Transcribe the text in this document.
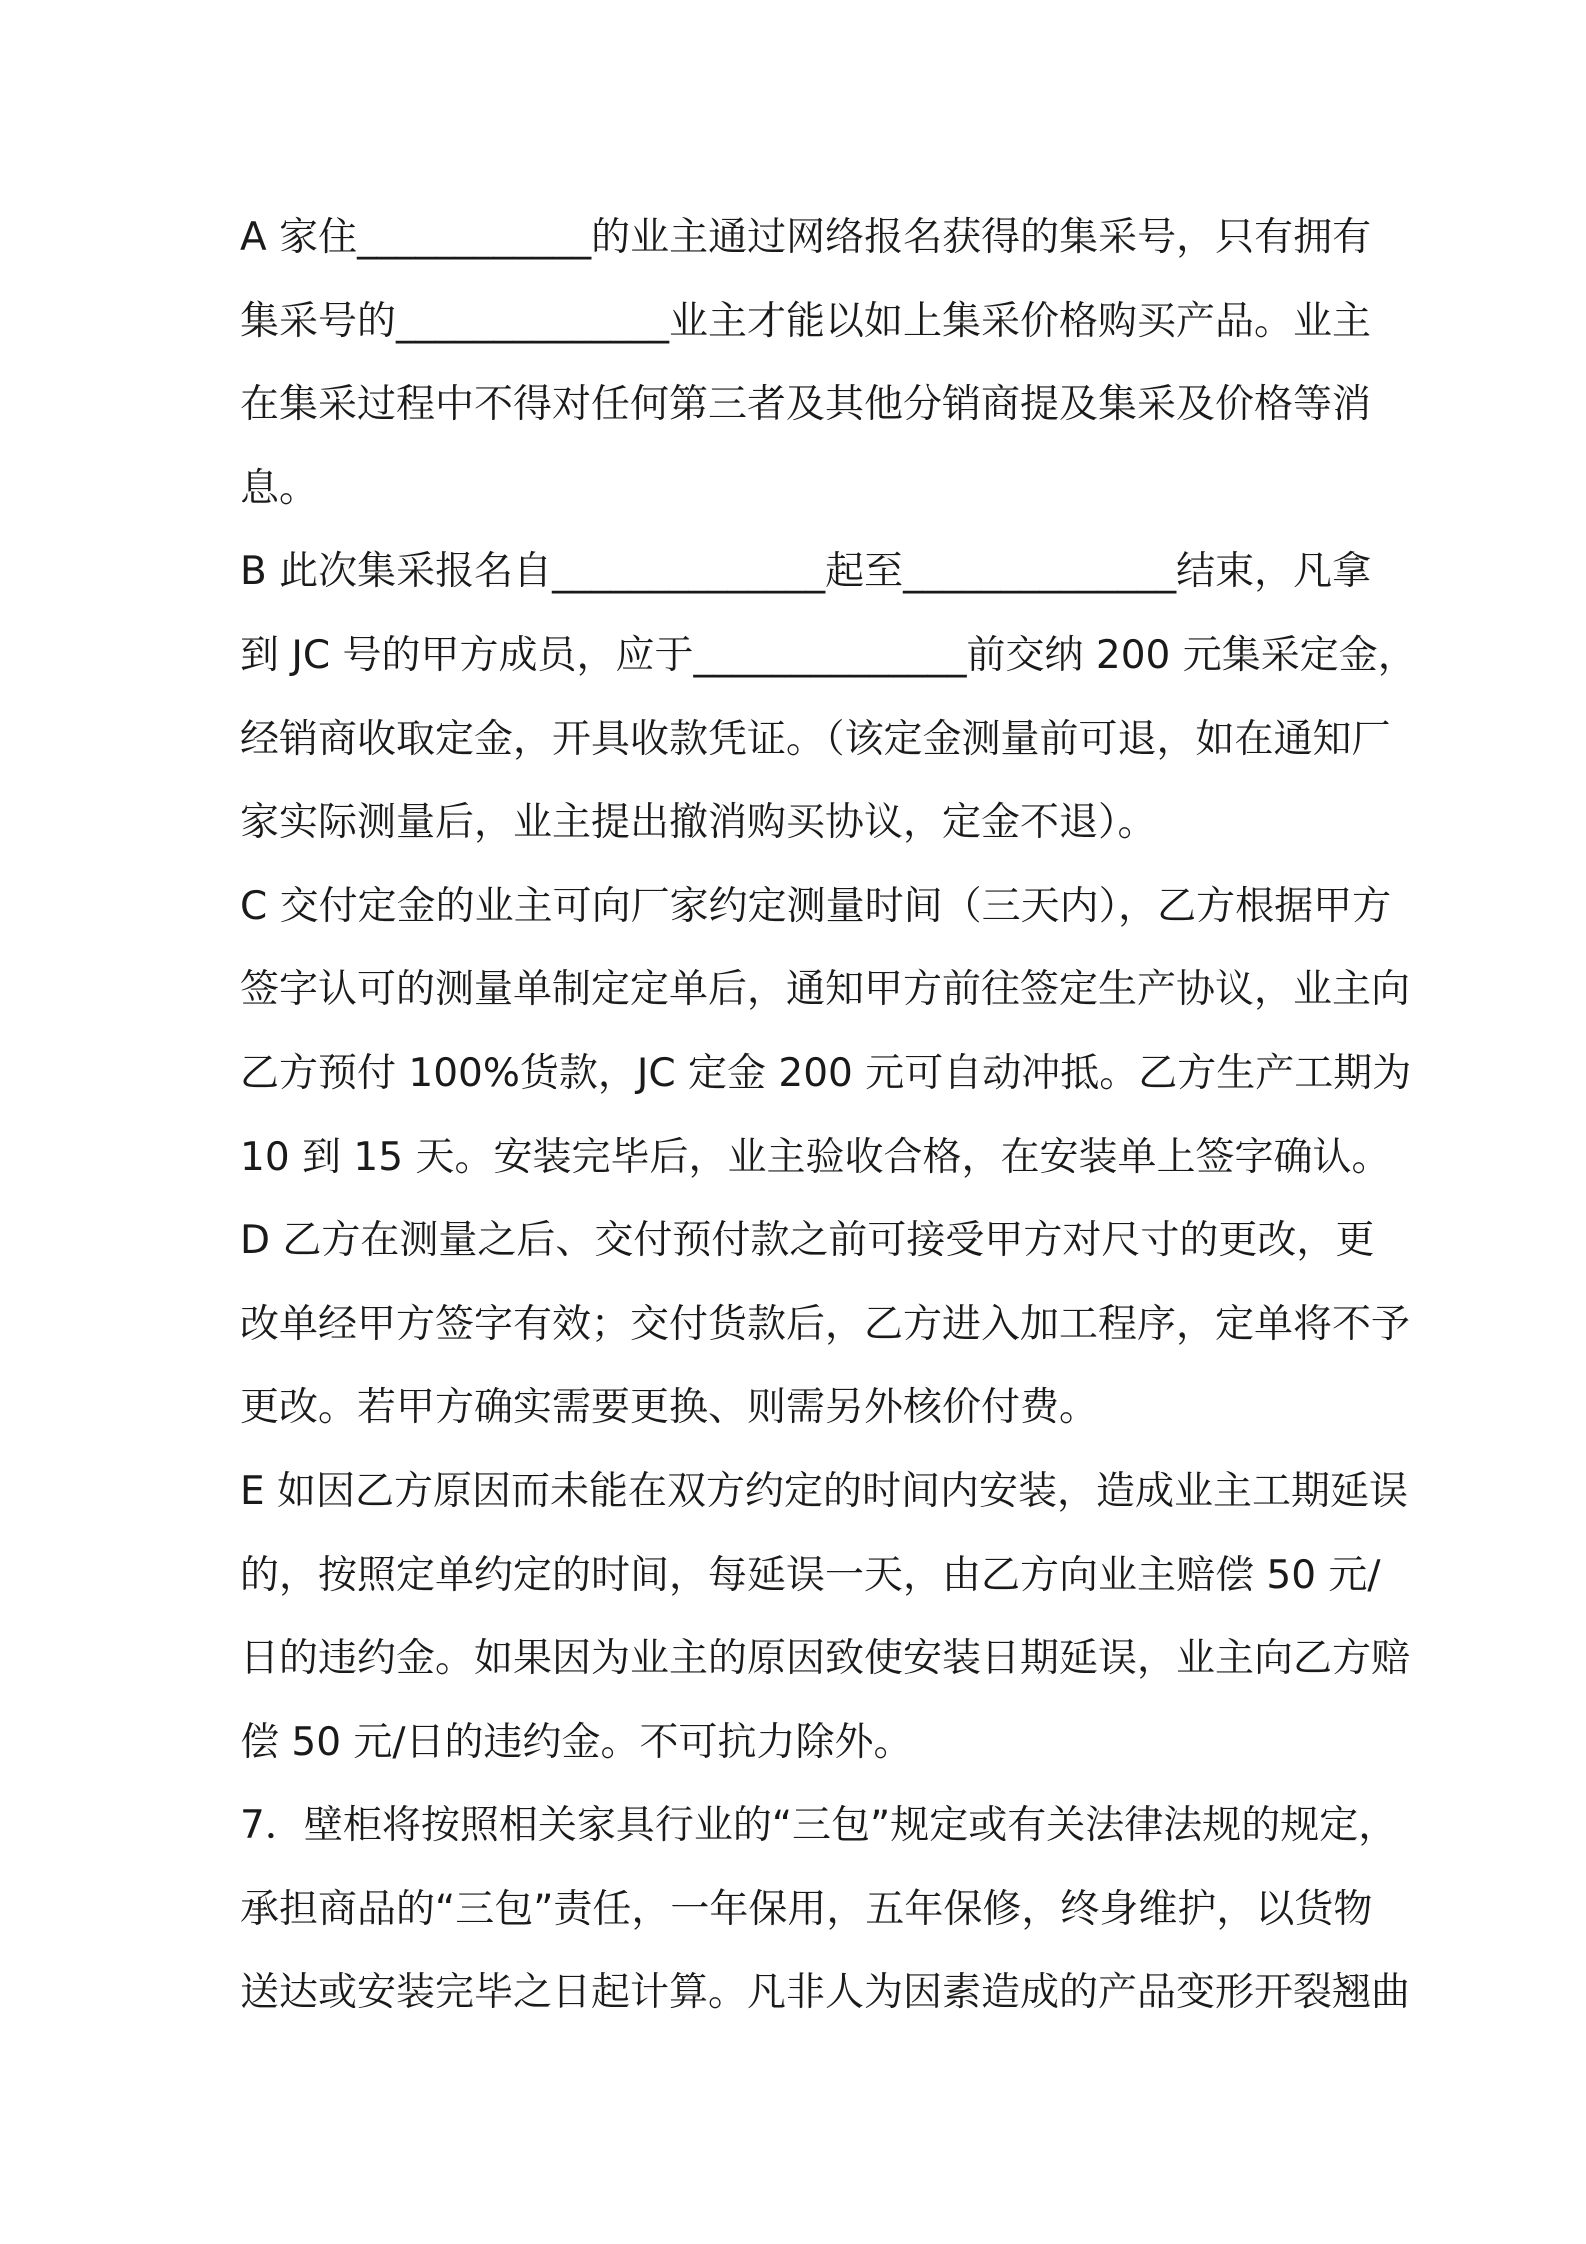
A 家住____________的业主通过网络报名获得的集采号，只有拥有
集采号的______________业主才能以如上集采价格购买产品。业主
在集采过程中不得对任何第三者及其他分销商提及集采及价格等消
息。
B 此次集采报名自______________起至______________结束，凡拿
到 JC 号的甲方成员，应于______________前交纳 200 元集采定金，
经销商收取定金，开具收款凭证。（该定金测量前可退，如在通知厂
家实际测量后，业主提出撤消购买协议，定金不退）。
C 交付定金的业主可向厂家约定测量时间（三天内），乙方根据甲方
签字认可的测量单制定定单后，通知甲方前往签定生产协议，业主向
乙方预付 100%货款，JC 定金 200 元可自动冲抵。乙方生产工期为
10 到 15 天。安装完毕后，业主验收合格，在安装单上签字确认。
D 乙方在测量之后、交付预付款之前可接受甲方对尺寸的更改，更
改单经甲方签字有效；交付货款后，乙方进入加工程序，定单将不予
更改。若甲方确实需要更换、则需另外核价付费。
E 如因乙方原因而未能在双方约定的时间内安装，造成业主工期延误
的，按照定单约定的时间，每延误一天，由乙方向业主赔偿 50 元/
日的违约金。如果因为业主的原因致使安装日期延误，业主向乙方赔
偿 50 元/日的违约金。不可抗力除外。
7．壁柜将按照相关家具行业的“三包”规定或有关法律法规的规定，
承担商品的“三包”责任，一年保用，五年保修，终身维护，以货物
送达或安装完毕之日起计算。凡非人为因素造成的产品变形开裂翘曲
